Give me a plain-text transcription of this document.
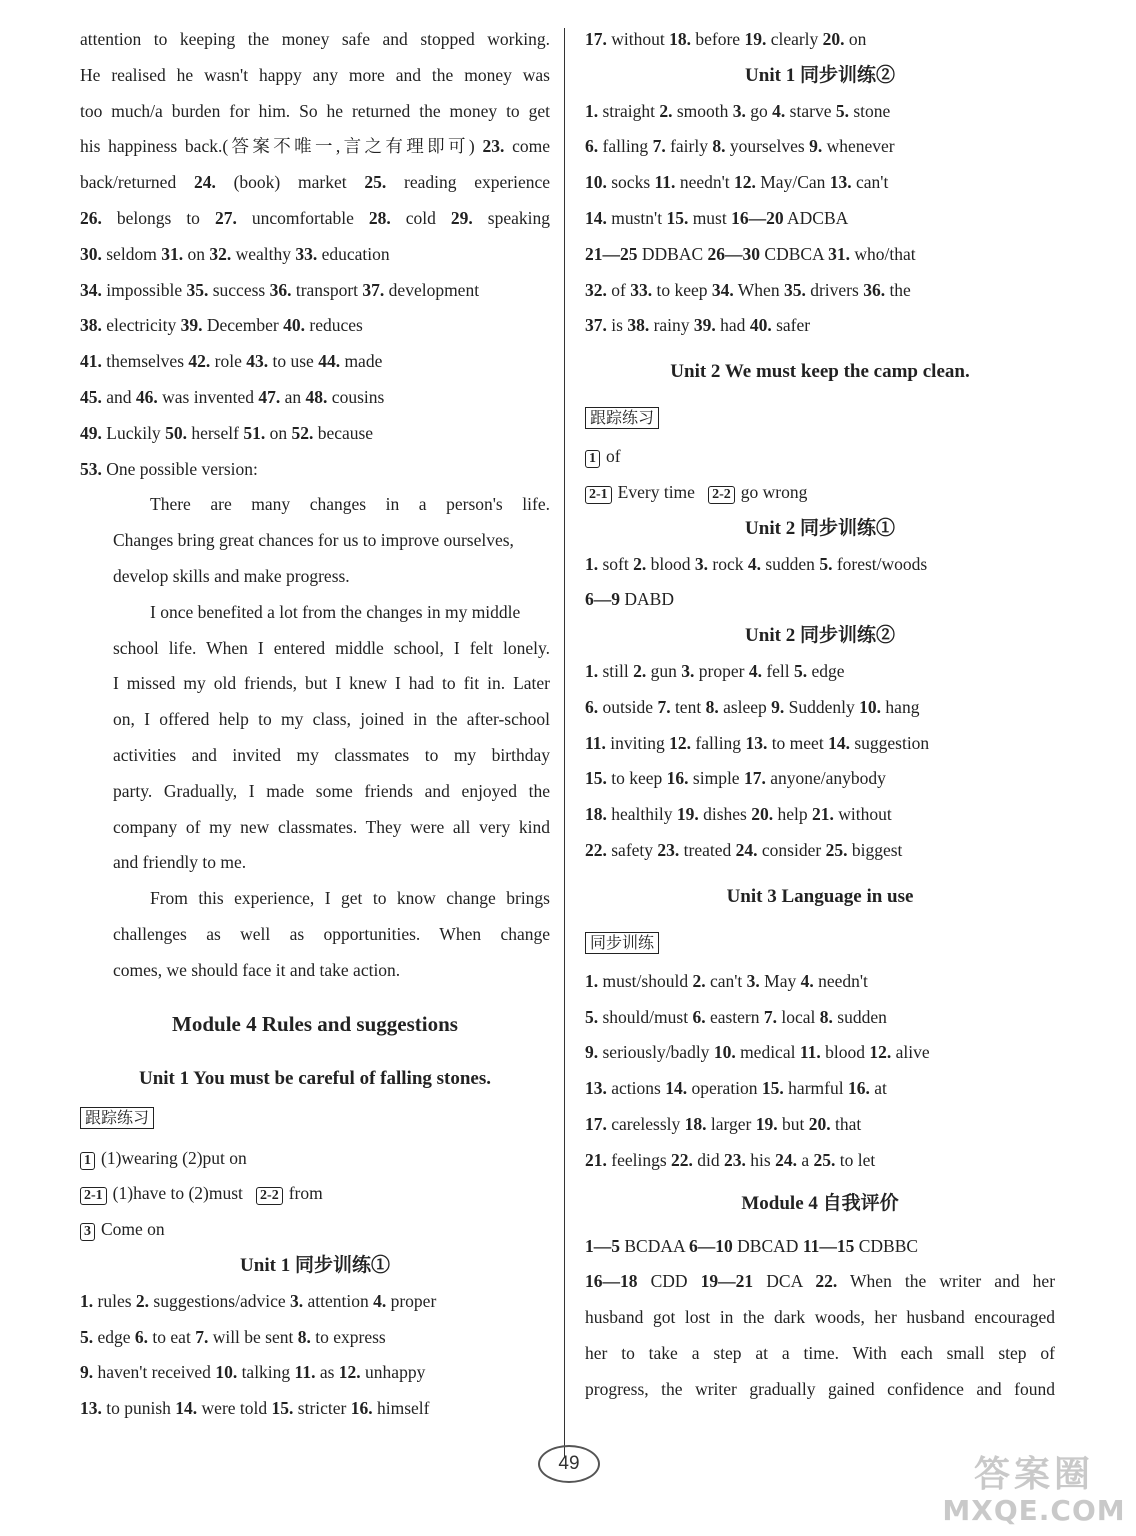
attention to keeping the money safe and stopped working.
He realised he wasn't happy any more and the money was
too much/a burden for him. So he returned the money to get
his happiness back.(答案不唯一,言之有理即可) 23. come
back/returned 24. (book) market 25. reading experience
26. belongs to 27. uncomfortable 28. cold 29. speaking
30. seldom 31. on 32. wealthy 33. education
34. impossible 35. success 36. transport 37. development
38. electricity 39. December 40. reduces
41. themselves 42. role 43. to use 44. made
45. and 46. was invented 47. an 48. cousins
49. Luckily 50. herself 51. on 52. because
53. One possible version:
There are many changes in a person's life.
Changes bring great chances for us to improve ourselves,
develop skills and make progress.
I once benefited a lot from the changes in my middle
school life. When I entered middle school, I felt lonely.
I missed my old friends, but I knew I had to fit in. Later
on, I offered help to my class, joined in the after-school
activities and invited my classmates to my birthday
party. Gradually, I made some friends and enjoyed the
company of my new classmates. They were all very kind
and friendly to me.
From this experience, I get to know change brings
challenges as well as opportunities. When change
comes, we should face it and take action.
Module 4 Rules and suggestions
Unit 1 You must be careful of falling stones.
跟踪练习
1 (1)wearing (2)put on
2-1 (1)have to (2)must 2-2 from
3 Come on
Unit 1 同步训练①
1. rules 2. suggestions/advice 3. attention 4. proper
5. edge 6. to eat 7. will be sent 8. to express
9. haven't received 10. talking 11. as 12. unhappy
13. to punish 14. were told 15. stricter 16. himself
17. without 18. before 19. clearly 20. on
Unit 1 同步训练②
1. straight 2. smooth 3. go 4. starve 5. stone
6. falling 7. fairly 8. yourselves 9. whenever
10. socks 11. needn't 12. May/Can 13. can't
14. mustn't 15. must 16—20 ADCBA
21—25 DDBAC 26—30 CDBCA 31. who/that
32. of 33. to keep 34. When 35. drivers 36. the
37. is 38. rainy 39. had 40. safer
Unit 2 We must keep the camp clean.
跟踪练习
1 of
2-1 Every time 2-2 go wrong
Unit 2 同步训练①
1. soft 2. blood 3. rock 4. sudden 5. forest/woods
6—9 DABD
Unit 2 同步训练②
1. still 2. gun 3. proper 4. fell 5. edge
6. outside 7. tent 8. asleep 9. Suddenly 10. hang
11. inviting 12. falling 13. to meet 14. suggestion
15. to keep 16. simple 17. anyone/anybody
18. healthily 19. dishes 20. help 21. without
22. safety 23. treated 24. consider 25. biggest
Unit 3 Language in use
同步训练
1. must/should 2. can't 3. May 4. needn't
5. should/must 6. eastern 7. local 8. sudden
9. seriously/badly 10. medical 11. blood 12. alive
13. actions 14. operation 15. harmful 16. at
17. carelessly 18. larger 19. but 20. that
21. feelings 22. did 23. his 24. a 25. to let
Module 4 自我评价
1—5 BCDAA 6—10 DBCAD 11—15 CDBBC
16—18 CDD 19—21 DCA 22. When the writer and her
husband got lost in the dark woods, her husband encouraged
her to take a step at a time. With each small step of
progress, the writer gradually gained confidence and found
49	答案圈
MXQE.COM
